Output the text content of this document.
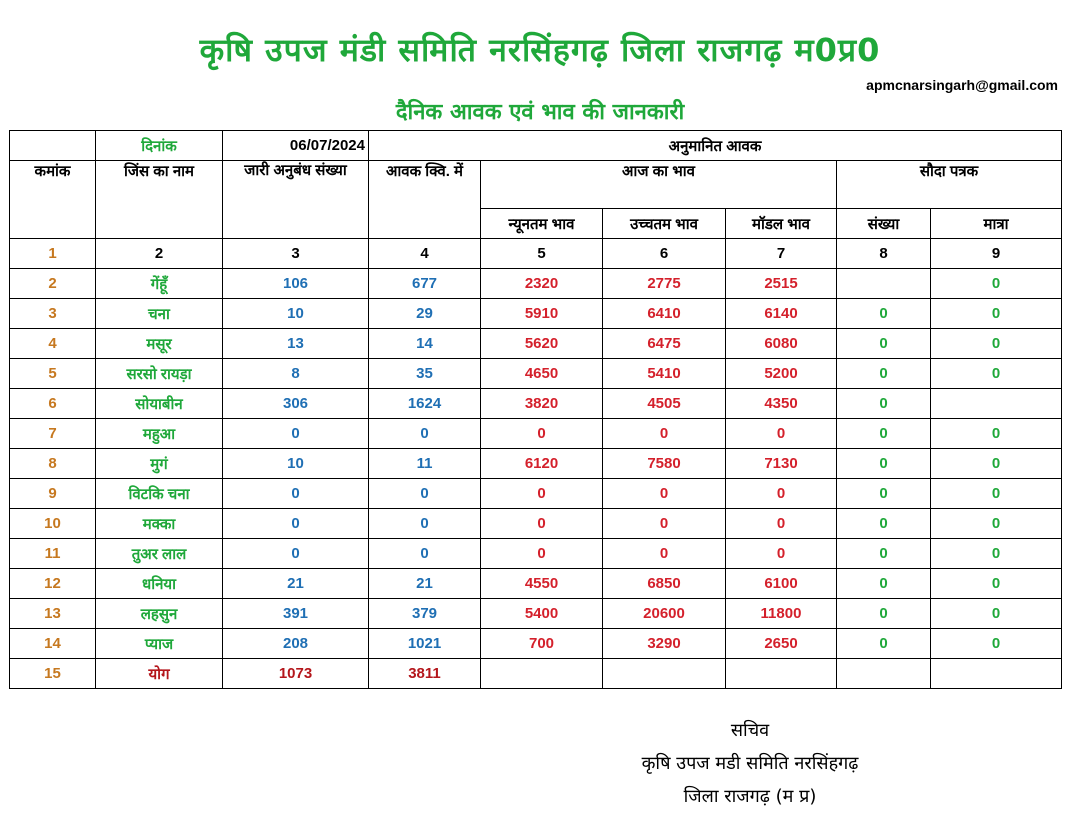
कृषि उपज मंडी समिति नरसिंहगढ़ जिला राजगढ़ म0प्र0
apmcnarsingarh@gmail.com
दैनिक आवक एवं भाव की जानकारी
	दिनांक	06/07/2024	अनुमानित आवक					
कमांक	जिंस का नाम	जारी अनुबंध संख्या	आवक क्वि. में	आज का भाव			सौदा पत्रक	
				न्यूनतम भाव	उच्चतम भाव	मॉडल भाव	संख्या	मात्रा
1	2	3	4	5	6	7	8	9
2	गेंहूँ	106	677	2320	2775	2515		0
3	चना	10	29	5910	6410	6140	0	0
4	मसूर	13	14	5620	6475	6080	0	0
5	सरसो रायड़ा	8	35	4650	5410	5200	0	0
6	सोयाबीन	306	1624	3820	4505	4350	0	
7	महुआ	0	0	0	0	0	0	0
8	मुगं	10	11	6120	7580	7130	0	0
9	विटकि चना	0	0	0	0	0	0	0
10	मक्का	0	0	0	0	0	0	0
11	तुअर लाल	0	0	0	0	0	0	0
12	धनिया	21	21	4550	6850	6100	0	0
13	लहसुन	391	379	5400	20600	11800	0	0
14	प्याज	208	1021	700	3290	2650	0	0
15	योग	1073	3811					
सचिव
कृषि उपज मडी समिति नरसिंहगढ़
जिला राजगढ़ (म प्र)
